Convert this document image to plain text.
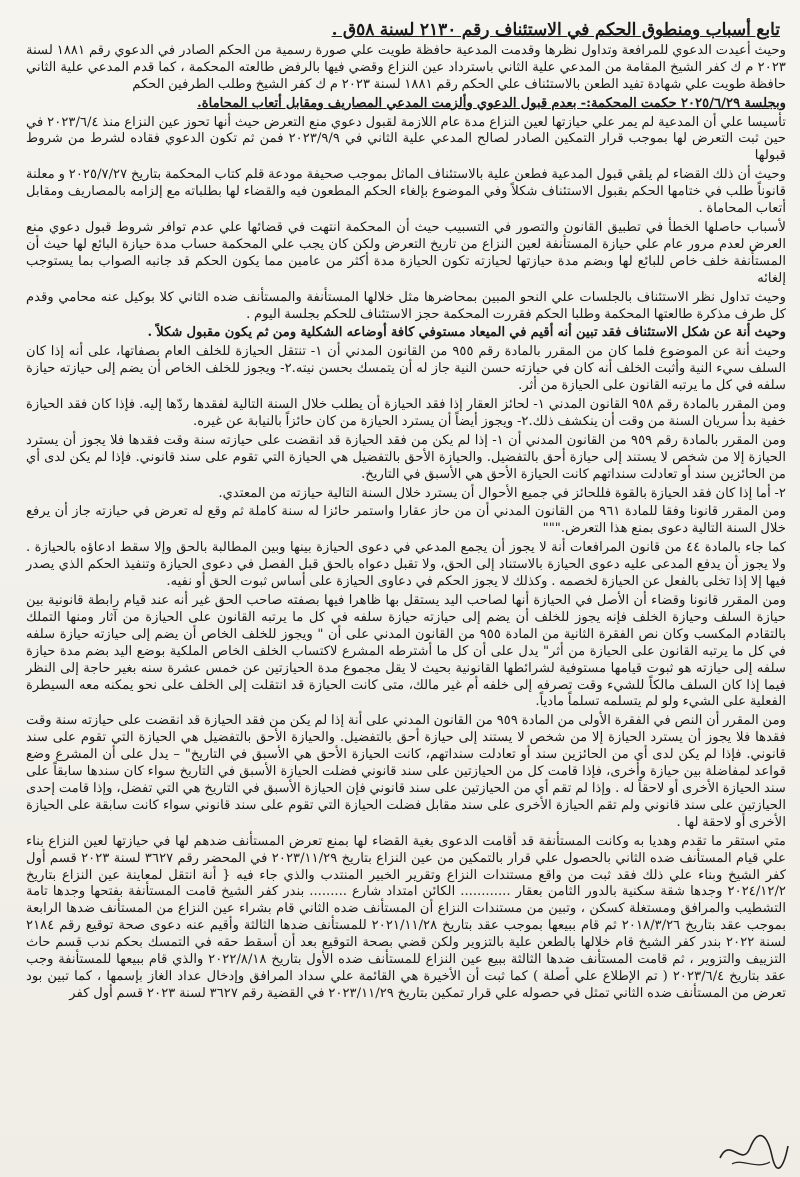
تابع أسباب ومنطوق الحكم في الاستئناف رقم ٢١٣٠ لسنة ٥٨ق .

وحيث أعيدت الدعوي للمرافعة وتداول نظرها وقدمت المدعية حافظة طويت علي صورة رسمية من الحكم الصادر في الدعوي رقم ١٨٨١ لسنة ٢٠٢٣ م ك كفر الشيخ المقامة من المدعي علية الثاني باسترداد عين النزاع وقضي فيها بالرفض طالعته المحكمة ، كما قدم المدعي علية الثاني حافظة طويت علي شهادة تفيد الطعن بالاستئناف علي الحكم رقم ١٨٨١ لسنة ٢٠٢٣ م ك كفر الشيخ وطلب الطرفين الحكم

وبجلسة ٢٠٢٥/٦/٢٩ حكمت المحكمة:- بعدم قبول الدعوي وألزمت المدعي المصاريف ومقابل أتعاب المحاماة.

تأسيسا علي أن المدعية لم يمر علي حيازتها لعين النزاع مدة عام اللازمة لقبول دعوي منع التعرض حيث أنها تحوز عين النزاع منذ ٢٠٢٣/٦/٤ في حين ثبت التعرض لها بموجب قرار التمكين الصادر لصالح المدعي علية الثاني في ٢٠٢٣/٩/٩ فمن ثم تكون الدعوي فقاده لشرط من شروط قبولها

وحيث أن ذلك القضاء لم يلقي قبول المدعية فطعن علية بالاستئناف الماثل بموجب صحيفة مودعة قلم كتاب المحكمة بتاريخ ٢٠٢٥/٧/٢٧ و معلنة قانوناً طلب في ختامها الحكم بقبول الاستئناف شكلاً وفي الموضوع بإلغاء الحكم المطعون فيه والقضاء لها بطلباته مع إلزامه بالمصاريف ومقابل أتعاب المحاماة .

لأسباب حاصلها الخطأ في تطبيق القانون والتصور في التسبيب حيث أن المحكمة انتهت في قضائها علي عدم توافر شروط قبول دعوي منع العرض لعدم مرور عام علي حيازة المستأنفة لعين النزاع من تاريخ التعرض ولكن كان يجب علي المحكمة حساب مدة حيازة البائع لها حيث أن المستأنفة خلف خاص للبائع لها وبضم مدة حيازتها لحيازته تكون الحيازة مدة أكثر من عامين مما يكون الحكم قد جانبه الصواب بما يستوجب إلغائه

وحيث تداول نظر الاستئناف بالجلسات علي النحو المبين بمحاضرها مثل خلالها المستأنفة والمستأنف ضده الثاني كلا بوكيل عنه محامي وقدم كل طرف مذكرة طالعتها المحكمة وطلبا الحكم فقررت المحكمة حجز الاستئناف للحكم بجلسة اليوم .

وحيث أنة عن شكل الاستئناف فقد تبين أنه أقيم في الميعاد مستوفي كافة أوضاعه الشكلية ومن ثم يكون مقبول شكلاً .

وحيث أنة عن الموضوع فلما كان من المقرر بالمادة رقم ٩٥٥ من القانون المدني أن ١- تنتقل الحيازة للخلف العام بصفاتها، على أنه إذا كان السلف سيء النية وأثبت الخلف أنه كان في حيازته حسن النية جاز له أن يتمسك بحسن نيته.٢- ويجوز للخلف الخاص أن يضم إلى حيازته حيازة سلفه في كل ما يرتبه القانون على الحيازة من أثر.

ومن المقرر بالمادة رقم ٩٥٨ القانون المدني ١- لحائز العقار إذا فقد الحيازة أن يطلب خلال السنة التالية لفقدها ردّها إليه. فإذا كان فقد الحيازة خفية بدأ سريان السنة من وقت أن ينكشف ذلك.٢- ويجوز أيضاً أن يسترد الحيازة من كان حائزاً بالنيابة عن غيره.

ومن المقرر بالمادة رقم ٩٥٩ من القانون المدني أن ١- إذا لم يكن من فقد الحيازة قد انقضت على حيازته سنة وقت فقدها فلا يجوز أن يسترد الحيازة إلا من شخص لا يستند إلى حيازة أحق بالتفضيل. والحيازة الأحق بالتفضيل هي الحيازة التي تقوم على سند قانوني. فإذا لم يكن لدى أي من الحائزين سند أو تعادلت سنداتهم كانت الحيازة الأحق هي الأسبق في التاريخ.

٢- أما إذا كان فقد الحيازة بالقوة فللحائز في جميع الأحوال أن يسترد خلال السنة التالية حيازته من المعتدي.

ومن المقرر قانونا وفقا للمادة ٩٦١ من القانون المدني أن من حاز عقارا واستمر حائزا له سنة كاملة ثم وقع له تعرض في حيازته جاز أن يرفع خلال السنة التالية دعوى بمنع هذا التعرض."""

كما جاء بالمادة ٤٤ من قانون المرافعات أنة لا يجوز أن يجمع المدعي في دعوى الحيازة بينها وبين المطالبة بالحق وإلا سقط ادعاؤه بالحيازة . ولا يجوز أن يدفع المدعى عليه دعوى الحيازة بالاستناد إلى الحق، ولا تقبل دعواه بالحق قبل الفصل في دعوى الحيازة وتنفيذ الحكم الذي يصدر فيها إلا إذا تخلى بالفعل عن الحيازة لخصمه . وكذلك لا يجوز الحكم في دعاوى الحيازة على أساس ثبوت الحق أو نفيه.

ومن المقرر قانونا وقضاء أن الأصل في الحيازة أنها لصاحب اليد يستقل بها ظاهرا فيها بصفته صاحب الحق غير أنه عند قيام رابطة قانونية بين حيازة السلف وحيازة الخلف فإنه يجوز للخلف أن يضم إلى حيازته حيازة سلفه في كل ما يرتبه القانون على الحيازة من آثار ومنها التملك بالتقادم المكسب وكان نص الفقرة الثانية من المادة ٩٥٥ من القانون المدني على أن " ويجوز للخلف الخاص أن يضم إلى حيازته حيازة سلفه في كل ما يرتبه القانون على الحيازة من أثر" يدل على أن كل ما أشترطه المشرع لاكتساب الخلف الخاص الملكية بوضع اليد بضم مدة حيازة سلفه إلى حيازته هو ثبوت قيامها مستوفية لشرائطها القانونية بحيث لا يقل مجموع مدة الحيازتين عن خمس عشرة سنه بغير حاجة إلى النظر فيما إذا كان السلف مالكاً للشيء وقت تصرفه إلى خلفه أم غير مالك، متى كانت الحيازة قد انتقلت إلى الخلف على نحو يمكنه معه السيطرة الفعلية على الشيء ولو لم يتسلمه تسلماً مادياً.

ومن المقرر أن النص في الفقرة الأولى من المادة ٩٥٩ من القانون المدني على أنة إذا لم يكن من فقد الحيازة قد انقضت على حيازته سنة وقت فقدها فلا يجوز أن يسترد الحيازة إلا من شخص لا يستند إلى حيازة أحق بالتفضيل. والحيازة الأحق بالتفضيل هي الحيازة التي تقوم على سند قانوني. فإذا لم يكن لدى أي من الحائزين سند أو تعادلت سنداتهم، كانت الحيازة الأحق هي الأسبق في التاريخ" – يدل على أن المشرع وضع قواعد لمفاضلة بين حيازة وأخرى، فإذا قامت كل من الحيازتين على سند قانوني فضلت الحيازة الأسبق في التاريخ سواء كان سندها سابقاً على سند الحيازة الأخرى أو لاحقاً له . وإذا لم تقم أي من الحيازتين على سند قانوني فإن الحيازة الأسبق في التاريخ هي التي تفضل، وإذا قامت إحدى الحيازتين على سند قانوني ولم تقم الحيازة الأخرى على سند مقابل فضلت الحيازة التي تقوم على سند قانوني سواء كانت سابقة على الحيازة الأخرى أو لاحقة لها .

متي استقر ما تقدم وهديا به وكانت المستأنفة قد أقامت الدعوى بغية القضاء لها بمنع تعرض المستأنف ضدهم لها في حيازتها لعين النزاع بناء علي قيام المستأنف ضده الثاني بالحصول علي قرار بالتمكين من عين النزاع بتاريخ ٢٠٢٣/١١/٢٩ في المحضر رقم ٣٦٢٧ لسنة ٢٠٢٣ قسم أول كفر الشيخ وبناء علي ذلك فقد ثبت من واقع مستندات النزاع وتقرير الخبير المنتدب والذي جاء فيه { أنة انتقل لمعاينة عين النزاع بتاريخ ٢٠٢٤/١٢/٢ وجدها شقة سكنية بالدور الثامن بعقار ............ الكائن امتداد شارع ......... بندر كفر الشيخ قامت المستأنفة بفتحها وجدها تامة التشطيب والمرافق ومستغلة كسكن ، وتبين من مستندات النزاع أن المستأنف ضده الثاني قام بشراء عين النزاع من المستأنف ضدها الرابعة بموجب عقد بتاريخ ٢٠١٨/٣/٢٦ ثم قام ببيعها بموجب عقد بتاريخ ٢٠٢١/١١/٢٨ للمستأنف ضدها الثالثة وأقيم عنه دعوى صحة توقيع رقم ٢١٨٤ لسنة ٢٠٢٢ بندر كفر الشيخ قام خلالها بالطعن علية بالتزوير ولكن قضي بصحة التوقيع بعد أن أسقط حقه في التمسك بحكم ندب قسم حاث التزييف والتزوير ، ثم قامت المستأنف ضدها الثالثة ببيع عين النزاع للمستأنف ضده الأول بتاريخ ٢٠٢٢/٨/١٨ والذي قام ببيعها للمستأنفة وجب عقد بتاريخ ٢٠٢٣/٦/٤ ( تم الإطلاع علي أصلة ) كما ثبت أن الأخيرة هي القائمة علي سداد المرافق وإدخال عداد الغاز بإسمها ، كما تبين بود تعرض من المستأنف ضده الثاني تمثل في حصوله علي قرار تمكين بتاريخ ٢٠٢٣/١١/٢٩ في القضية رقم ٣٦٢٧ لسنة ٢٠٢٣ قسم أول كفر
